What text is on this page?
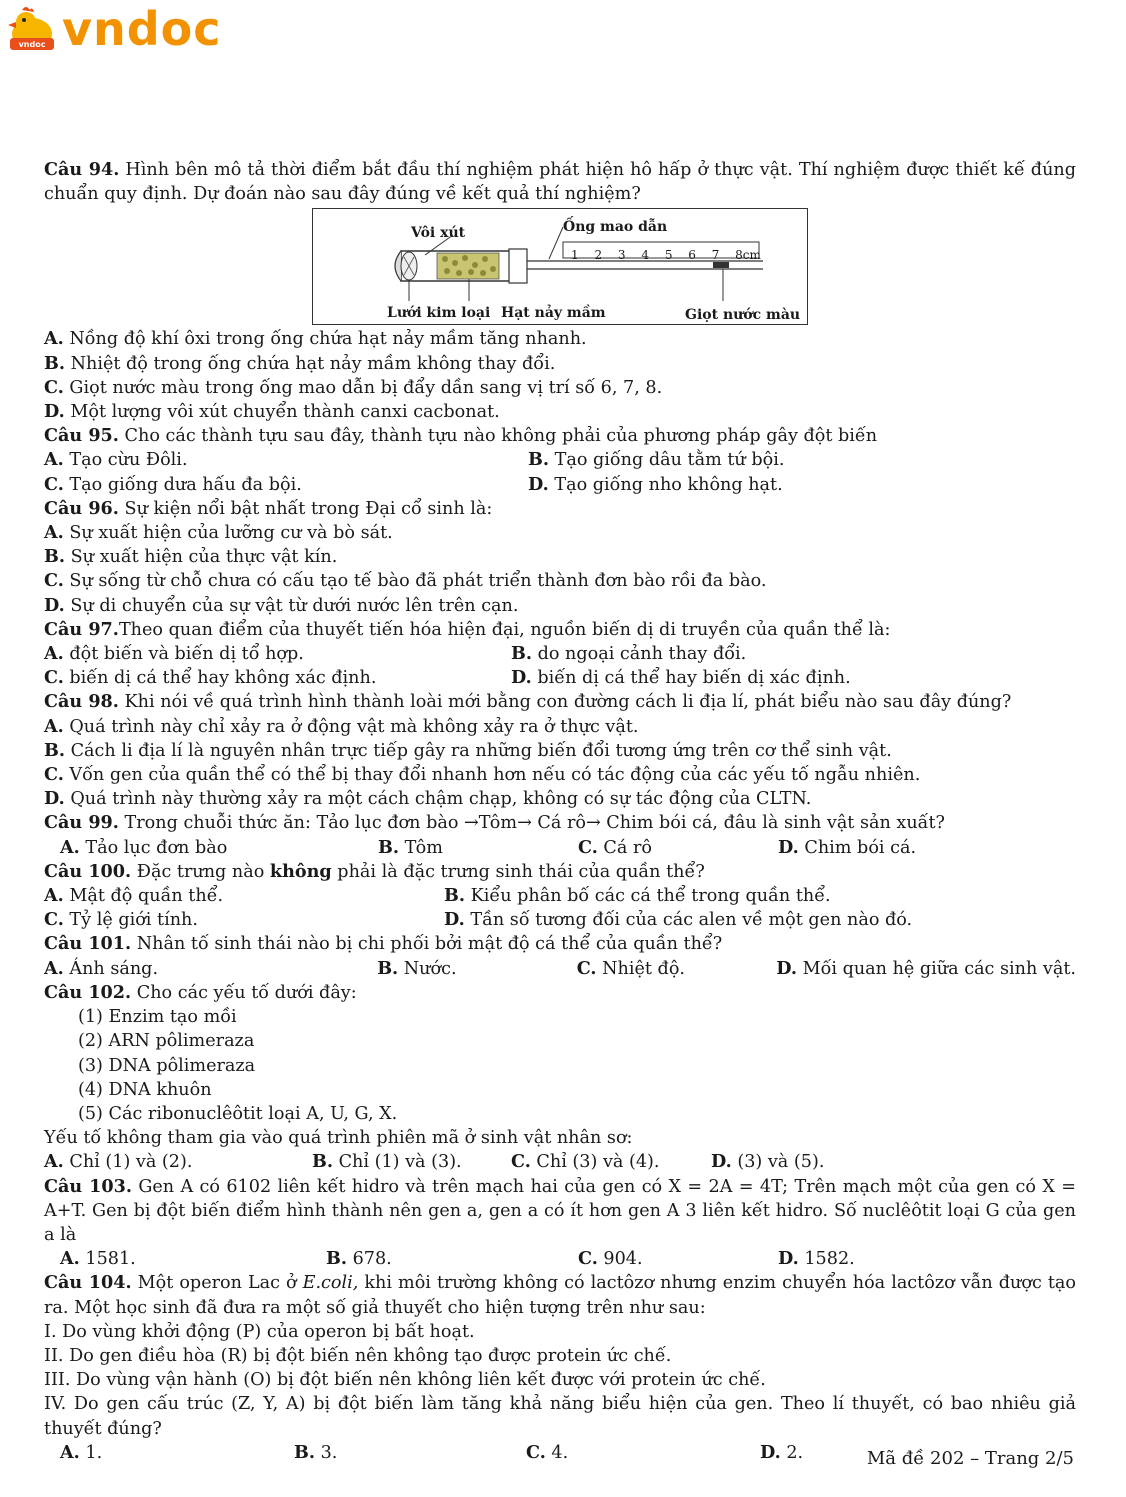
vndoc vndoc
Câu 94. Hình bên mô tả thời điểm bắt đầu thí nghiệm phát hiện hô hấp ở thực vật. Thí nghiệm được thiết kế đúng chuẩn quy định. Dự đoán nào sau đây đúng về kết quả thí nghiệm?
Vôi xút	Ống mao dẫn
1 2 3 4 5 6 7 8cm
Lưới kim loại Hạt nảy mầm	Giọt nước màu
A. Nồng độ khí ôxi trong ống chứa hạt nảy mầm tăng nhanh.
B. Nhiệt độ trong ống chứa hạt nảy mầm không thay đổi.
C. Giọt nước màu trong ống mao dẫn bị đẩy dần sang vị trí số 6, 7, 8.
D. Một lượng vôi xút chuyển thành canxi cacbonat.
Câu 95. Cho các thành tựu sau đây, thành tựu nào không phải của phương pháp gây đột biến
A. Tạo cừu Đôli.	B. Tạo giống dâu tằm tứ bội.
C. Tạo giống dưa hấu đa bội.	D. Tạo giống nho không hạt.
Câu 96. Sự kiện nổi bật nhất trong Đại cổ sinh là:
A. Sự xuất hiện của lưỡng cư và bò sát.
B. Sự xuất hiện của thực vật kín.
C. Sự sống từ chỗ chưa có cấu tạo tế bào đã phát triển thành đơn bào rồi đa bào.
D. Sự di chuyển của sự vật từ dưới nước lên trên cạn.
Câu 97.Theo quan điểm của thuyết tiến hóa hiện đại, nguồn biến dị di truyền của quần thể là:
A. đột biến và biến dị tổ hợp.	B. do ngoại cảnh thay đổi.
C. biến dị cá thể hay không xác định.	D. biến dị cá thể hay biến dị xác định.
Câu 98. Khi nói về quá trình hình thành loài mới bằng con đường cách li địa lí, phát biểu nào sau đây đúng?
A. Quá trình này chỉ xảy ra ở động vật mà không xảy ra ở thực vật.
B. Cách li địa lí là nguyên nhân trực tiếp gây ra những biến đổi tương ứng trên cơ thể sinh vật.
C. Vốn gen của quần thể có thể bị thay đổi nhanh hơn nếu có tác động của các yếu tố ngẫu nhiên.
D. Quá trình này thường xảy ra một cách chậm chạp, không có sự tác động của CLTN.
Câu 99. Trong chuỗi thức ăn: Tảo lục đơn bào →Tôm→ Cá rô→ Chim bói cá, đâu là sinh vật sản xuất?
A. Tảo lục đơn bào	B. Tôm	C. Cá rô	D. Chim bói cá.
Câu 100. Đặc trưng nào không phải là đặc trưng sinh thái của quần thể?
A. Mật độ quần thể.	B. Kiểu phân bố các cá thể trong quần thể.
C. Tỷ lệ giới tính.	D. Tần số tương đối của các alen về một gen nào đó.
Câu 101. Nhân tố sinh thái nào bị chi phối bởi mật độ cá thể của quần thể?
A. Ánh sáng.	B. Nước.	C. Nhiệt độ.	D. Mối quan hệ giữa các sinh vật.
Câu 102. Cho các yếu tố dưới đây:
(1) Enzim tạo mồi
(2) ARN pôlimeraza
(3) DNA pôlimeraza
(4) DNA khuôn
(5) Các ribonuclêôtit loại A, U, G, X.
Yếu tố không tham gia vào quá trình phiên mã ở sinh vật nhân sơ:
A. Chỉ (1) và (2).	B. Chỉ (1) và (3).	C. Chỉ (3) và (4).	D. (3) và (5).
Câu 103. Gen A có 6102 liên kết hidro và trên mạch hai của gen có X = 2A = 4T; Trên mạch một của gen có X = A+T. Gen bị đột biến điểm hình thành nên gen a, gen a có ít hơn gen A 3 liên kết hidro. Số nuclêôtit loại G của gen a là
A. 1581.	B. 678.	C. 904.	D. 1582.
Câu 104. Một operon Lac ở E.coli, khi môi trường không có lactôzơ nhưng enzim chuyển hóa lactôzơ vẫn được tạo ra. Một học sinh đã đưa ra một số giả thuyết cho hiện tượng trên như sau:
I. Do vùng khởi động (P) của operon bị bất hoạt.
II. Do gen điều hòa (R) bị đột biến nên không tạo được protein ức chế.
III. Do vùng vận hành (O) bị đột biến nên không liên kết được với protein ức chế.
IV. Do gen cấu trúc (Z, Y, A) bị đột biến làm tăng khả năng biểu hiện của gen. Theo lí thuyết, có bao nhiêu giả thuyết đúng?
A. 1.	B. 3.	C. 4.	D. 2.	Mã đề 202 – Trang 2/5
